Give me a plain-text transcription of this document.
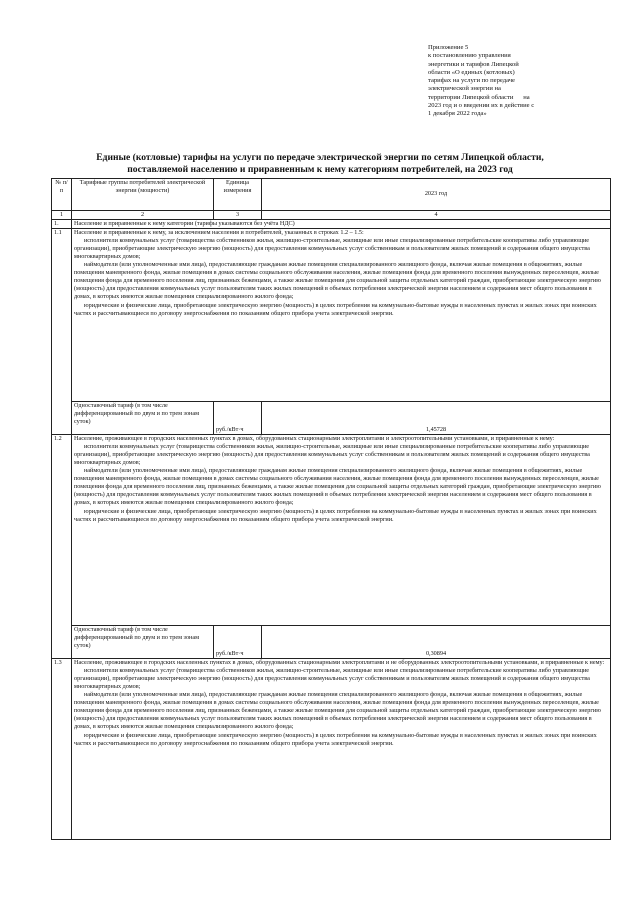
Приложение 5
к постановлению управления
энергетики и тарифов Липецкой
области «О единых (котловых)
тарифах на услуги по передаче
электрической энергии на
территории Липецкой области      на
2023 год и о введении их в действие с
1 декабря 2022 года»
Единые (котловые) тарифы на услуги по передаче электрической энергии по сетям Липецкой области,
поставляемой населению и приравненным к нему категориям потребителей, на 2023 год
№ п/п	Тарифные группы потребителей электрической энергии (мощности)	Единица измерения	2023 год
1	2	3	4
1.	Население и приравненные к нему категории (тарифы указываются без учёта НДС)		
1.1	Население и приравненные к нему, за исключением населения и потребителей, указанных в строках 1.2 – 1.5:

исполнители коммунальных услуг (товарищества собственников жилья, жилищно-строительные, жилищные или иные специализированные потребительские кооперативы либо управляющие организации), приобретающие электрическую энергию (мощность) для предоставления коммунальных услуг собственникам и пользователям жилых помещений и содержания общего имущества многоквартирных домов;

наймодатели (или уполномоченные ими лица), предоставляющие гражданам жилые помещения специализированного жилищного фонда, включая жилые помещения в общежитиях, жилые помещения маневренного фонда, жилые помещения в домах системы социального обслуживания населения, жилые помещения фонда для временного поселения вынужденных переселенцев, жилые помещения фонда для временного поселения лиц, признанных беженцами, а также жилые помещения для социальной защиты отдельных категорий граждан, приобретающие электрическую энергию (мощность) для предоставления коммунальных услуг пользователям таких жилых помещений в объемах потребления электрической энергии населением и содержания мест общего пользования в домах, в которых имеются жилые помещения специализированного жилого фонда;

юридические и физические лица, приобретающие электрическую энергию (мощность) в целях потребления на коммунально-бытовые нужды в населенных пунктах и жилых зонах при воинских частях и рассчитывающиеся по договору энергоснабжения по показаниям общего прибора учета электрической энергии.		

	Одноставочный тариф (в том числе дифференцированный по двум и по трем зонам суток)	руб./кВт·ч	1,45728
1.2	Население, проживающее в городских населенных пунктах в домах, оборудованных стационарными электроплитами и электроотопительными установками, и приравненные к нему:

исполнители коммунальных услуг (товарищества собственников жилья, жилищно-строительные, жилищные или иные специализированные потребительские кооперативы либо управляющие организации), приобретающие электрическую энергию (мощность) для предоставления коммунальных услуг собственникам и пользователям жилых помещений и содержания общего имущества многоквартирных домов;

наймодатели (или уполномоченные ими лица), предоставляющие гражданам жилые помещения специализированного жилищного фонда, включая жилые помещения в общежитиях, жилые помещения маневренного фонда, жилые помещения в домах системы социального обслуживания населения, жилые помещения фонда для временного поселения вынужденных переселенцев, жилые помещения фонда для временного поселения лиц, признанных беженцами, а также жилые помещения для социальной защиты отдельных категорий граждан, приобретающие электрическую энергию (мощность) для предоставления коммунальных услуг пользователям таких жилых помещений в объемах потребления электрической энергии населением и содержания мест общего пользования в домах, в которых имеются жилые помещения специализированного жилого фонда;

юридические и физические лица, приобретающие электрическую энергию (мощность) в целях потребления на коммунально-бытовые нужды в населенных пунктах и жилых зонах при воинских частях и рассчитывающиеся по договору энергоснабжения по показаниям общего прибора учета электрической энергии.		

	Одноставочный тариф (в том числе дифференцированный по двум и по трем зонам суток)	руб./кВт·ч	0,30894
1.3	Население, проживающее в городских населенных пунктах в домах, оборудованных стационарными электроплитами и не оборудованных электроотопительными установками, и приравненные к нему:

исполнители коммунальных услуг (товарищества собственников жилья, жилищно-строительные, жилищные или иные специализированные потребительские кооперативы либо управляющие организации), приобретающие электрическую энергию (мощность) для предоставления коммунальных услуг собственникам и пользователям жилых помещений и содержания общего имущества многоквартирных домов;

наймодатели (или уполномоченные ими лица), предоставляющие гражданам жилые помещения специализированного жилищного фонда, включая жилые помещения в общежитиях, жилые помещения маневренного фонда, жилые помещения в домах системы социального обслуживания населения, жилые помещения фонда для временного поселения вынужденных переселенцев, жилые помещения фонда для временного поселения лиц, признанных беженцами, а также жилые помещения для социальной защиты отдельных категорий граждан, приобретающие электрическую энергию (мощность) для предоставления коммунальных услуг пользователям таких жилых помещений в объемах потребления электрической энергии населением и содержания мест общего пользования в домах, в которых имеются жилые помещения специализированного жилого фонда;

юридические и физические лица, приобретающие электрическую энергию (мощность) в целях потребления на коммунально-бытовые нужды в населенных пунктах и жилых зонах при воинских частях и рассчитывающиеся по договору энергоснабжения по показаниям общего прибора учета электрической энергии.		
